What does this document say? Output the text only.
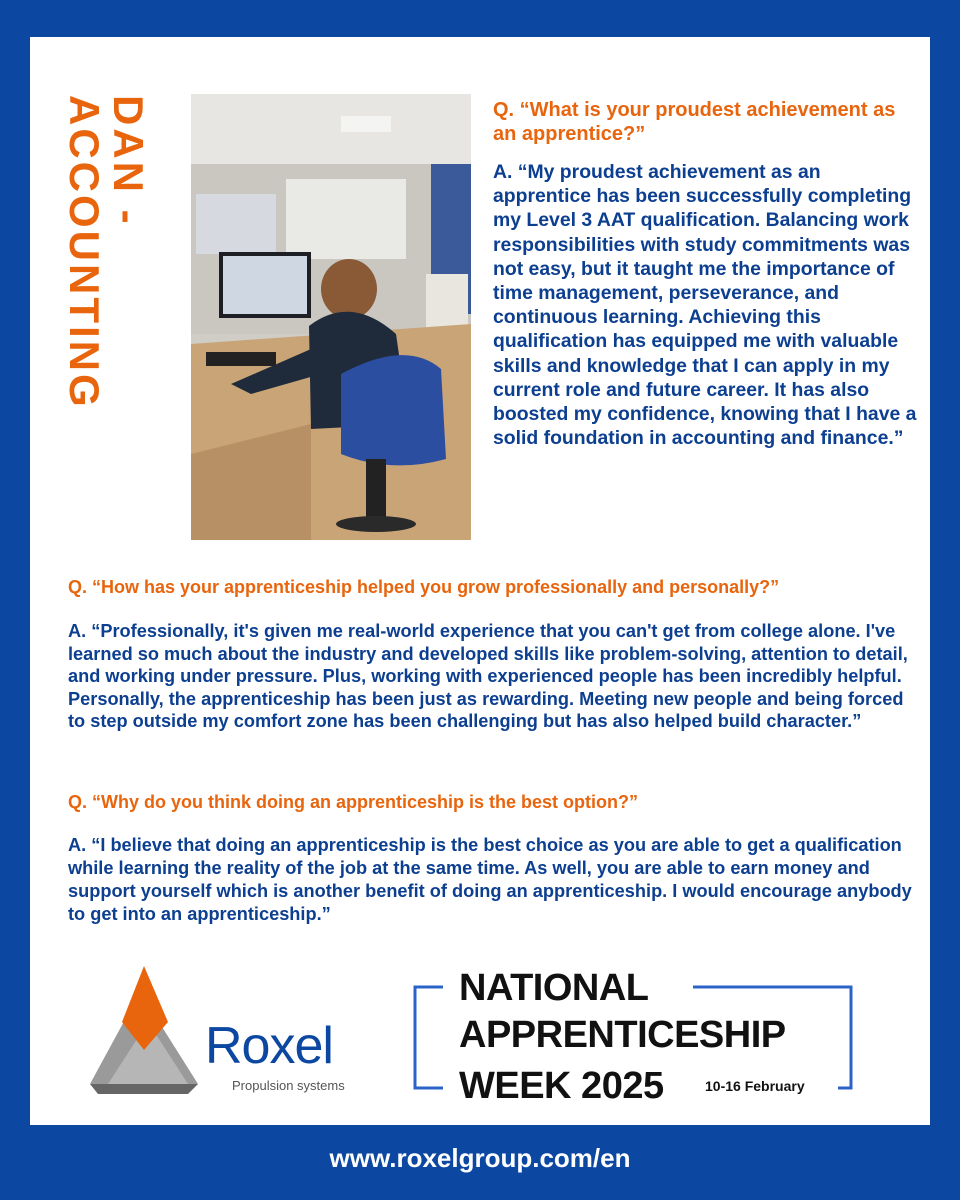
DAN -
ACCOUNTING	Q. “What is your proudest achievement as an apprentice?”

A. “My proudest achievement as an apprentice has been successfully completing my Level 3 AAT qualification. Balancing work responsibilities with study commitments was not easy, but it taught me the importance of time management, perseverance, and continuous learning. Achieving this qualification has equipped me with valuable skills and knowledge that I can apply in my current role and future career. It has also boosted my confidence, knowing that I have a solid foundation in accounting and finance.”

Q. “How has your apprenticeship helped you grow professionally and personally?”

A. “Professionally, it's given me real-world experience that you can't get from college alone. I've learned so much about the industry and developed skills like problem-solving, attention to detail, and working under pressure. Plus, working with experienced people has been incredibly helpful. Personally, the apprenticeship has been just as rewarding. Meeting new people and being forced to step outside my comfort zone has been challenging but has also helped build character.”

Q. “Why do you think doing an apprenticeship is the best option?”

A. “I believe that doing an apprenticeship is the best choice as you are able to get a qualification while learning the reality of the job at the same time. As well, you are able to earn money and support yourself which is another benefit of doing an apprenticeship. I would encourage anybody to get into an apprenticeship.”

Roxel
Propulsion systems
NATIONAL
APPRENTICESHIP
WEEK 2025	10-16 February
www.roxelgroup.com/en
